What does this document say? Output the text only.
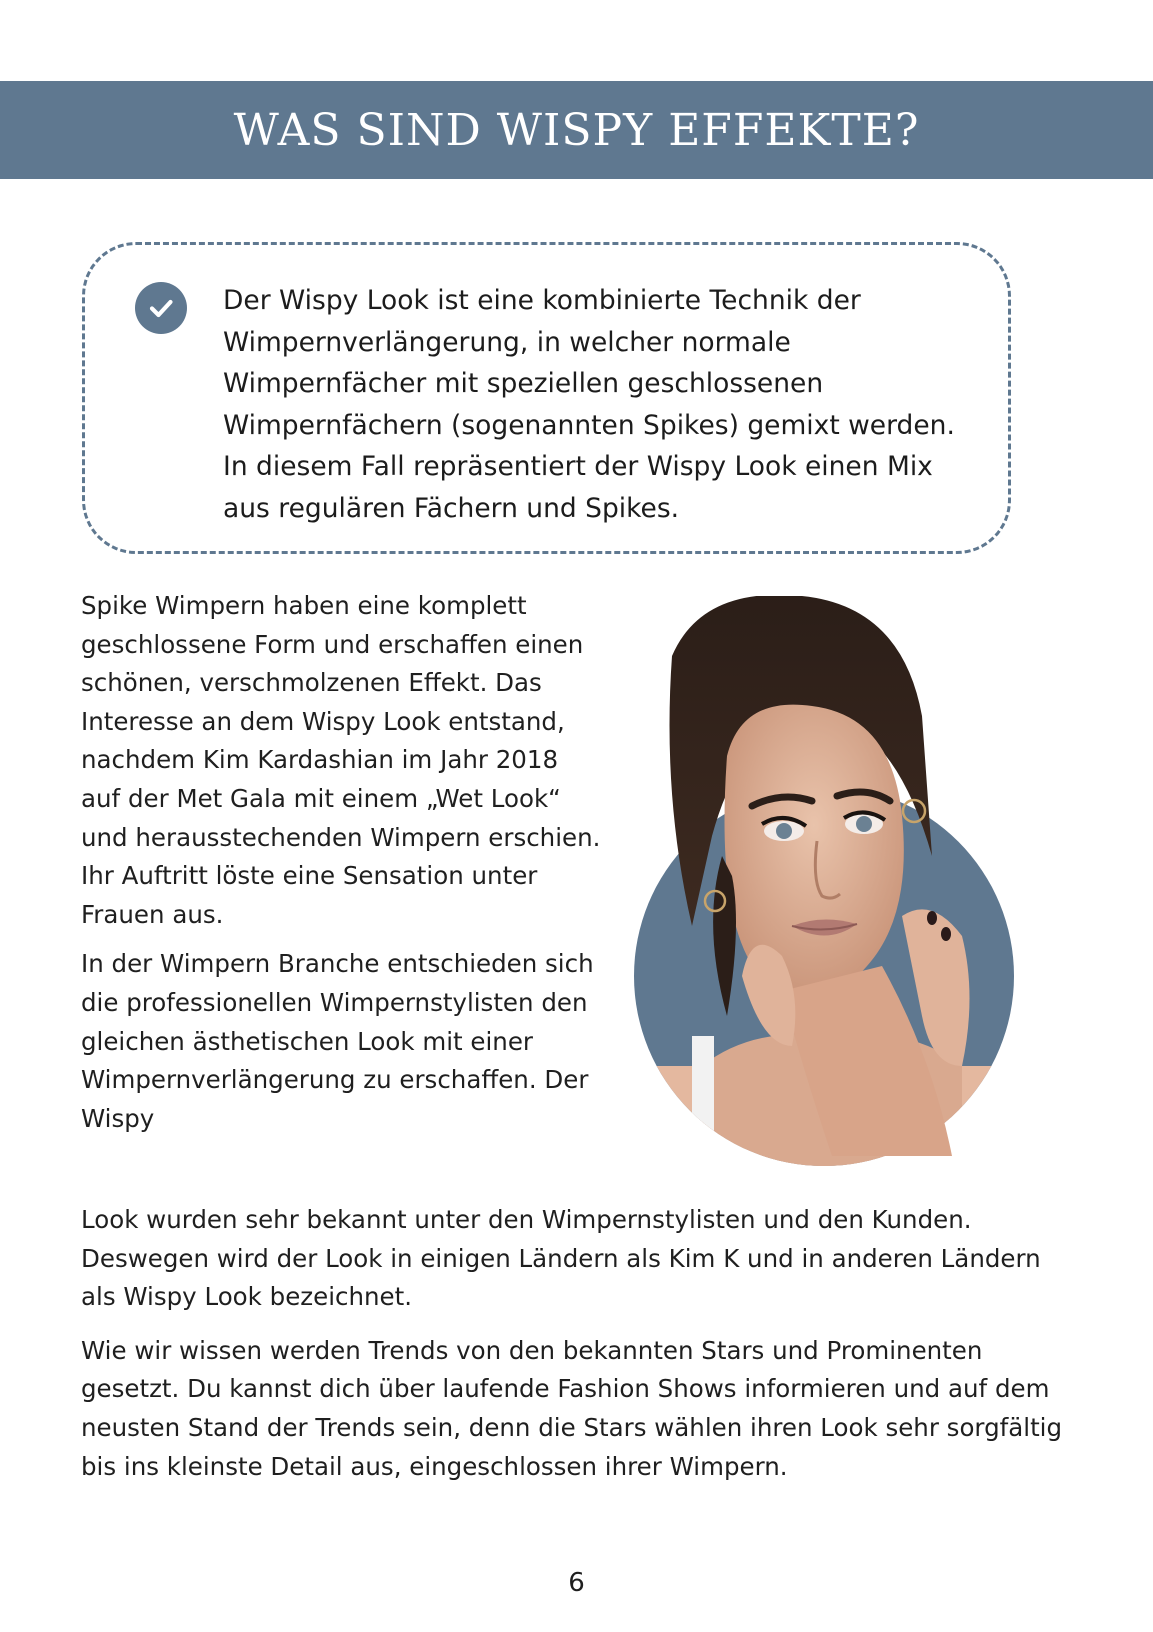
WAS SIND WISPY EFFEKTE?

Der Wispy Look ist eine kombinierte Technik der Wimpernverlängerung, in welcher normale Wimpernfächer mit speziellen geschlossenen Wimpernfächern (sogenannten Spikes) gemixt werden. In diesem Fall repräsentiert der Wispy Look einen Mix aus regulären Fächern und Spikes.

Spike Wimpern haben eine komplett geschlossene Form und erschaffen einen schönen, verschmolzenen Effekt. Das Interesse an dem Wispy Look entstand, nachdem Kim Kardashian im Jahr 2018 auf der Met Gala mit einem „Wet Look“ und herausstechenden Wimpern erschien. Ihr Auftritt löste eine Sensation unter Frauen aus.

In der Wimpern Branche entschieden sich die professionellen Wimpernstylisten den gleichen ästhetischen Look mit einer Wimpernverlängerung zu erschaffen. Der Wispy

Look wurden sehr bekannt unter den Wimpernstylisten und den Kunden. Deswegen wird der Look in einigen Ländern als Kim K und in anderen Ländern als Wispy Look bezeichnet.

Wie wir wissen werden Trends von den bekannten Stars und Prominenten gesetzt. Du kannst dich über laufende Fashion Shows informieren und auf dem neusten Stand der Trends sein, denn die Stars wählen ihren Look sehr sorgfältig bis ins kleinste Detail aus, eingeschlossen ihrer Wimpern.

6
